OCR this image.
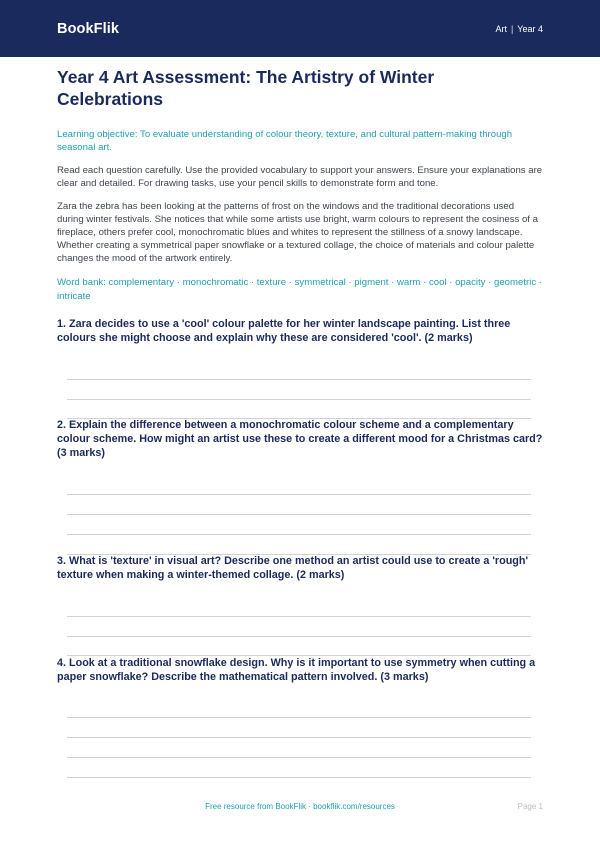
BookFlik	Art | Year 4
Year 4 Art Assessment: The Artistry of Winter Celebrations

Learning objective: To evaluate understanding of colour theory, texture, and cultural pattern-making through seasonal art.

Read each question carefully. Use the provided vocabulary to support your answers. Ensure your explanations are clear and detailed. For drawing tasks, use your pencil skills to demonstrate form and tone.

Zara the zebra has been looking at the patterns of frost on the windows and the traditional decorations used during winter festivals. She notices that while some artists use bright, warm colours to represent the cosiness of a fireplace, others prefer cool, monochromatic blues and whites to represent the stillness of a snowy landscape. Whether creating a symmetrical paper snowflake or a textured collage, the choice of materials and colour palette changes the mood of the artwork entirely.

Word bank: complementary · monochromatic · texture · symmetrical · pigment · warm · cool · opacity · geometric · intricate

1. Zara decides to use a 'cool' colour palette for her winter landscape painting. List three colours she might choose and explain why these are considered 'cool'. (2 marks)

2. Explain the difference between a monochromatic colour scheme and a complementary colour scheme. How might an artist use these to create a different mood for a Christmas card? (3 marks)

3. What is 'texture' in visual art? Describe one method an artist could use to create a 'rough' texture when making a winter-themed collage. (2 marks)

4. Look at a traditional snowflake design. Why is it important to use symmetry when cutting a paper snowflake? Describe the mathematical pattern involved. (3 marks)

Free resource from BookFlik · bookflik.com/resources	Page 1
